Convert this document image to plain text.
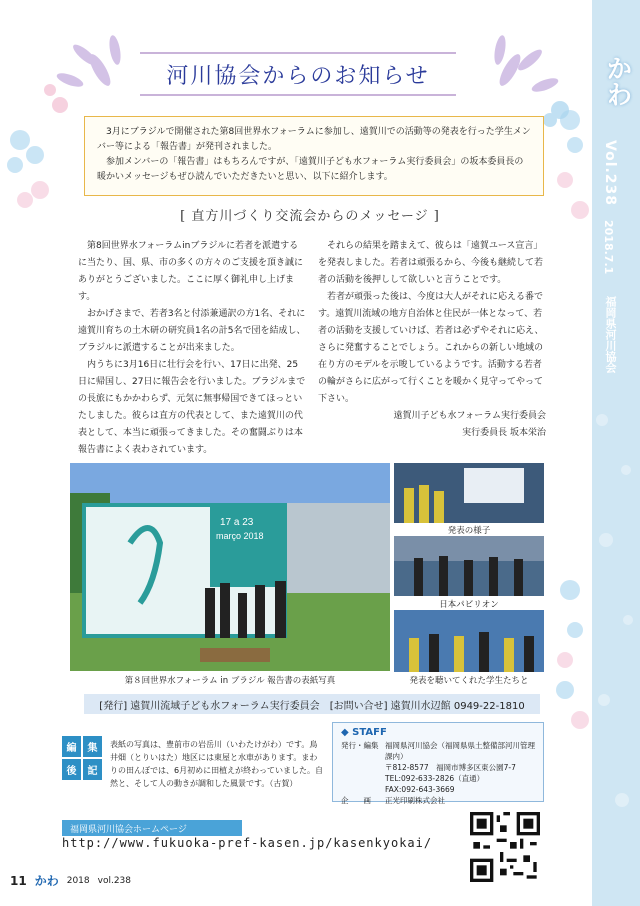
河川協会からのお知らせ

3月にブラジルで開催された第8回世界水フォーラムに参加し、遠賀川での活動等の発表を行った学生メンバー等による「報告書」が発刊されました。

参加メンバーの「報告書」はもちろんですが、「遠賀川子ども水フォーラム実行委員会」の坂本委員長の暖かいメッセージもぜひ読んでいただきたいと思い、以下に紹介します。

[ 直方川づくり交流会からのメッセージ ]

第8回世界水フォーラムinブラジルに若者を派遣するに当たり、国、県、市の多くの方々のご支援を頂き誠にありがとうございました。ここに厚く御礼申し上げます。

おかげさまで、若者3名と付添兼通訳の方1名、それに遠賀川育ちの土木研の研究員1名の計5名で団を結成し、ブラジルに派遣することが出来ました。

内うちに3月16日に壮行会を行い、17日に出発、25日に帰国し、27日に報告会を行いました。ブラジルまでの長旅にもかかわらず、元気に無事帰国できてほっといたしました。彼らは直方の代表として、また遠賀川の代表として、本当に頑張ってきました。その奮闘ぶりは本報告書によく表わされています。

それらの結果を踏まえて、彼らは「遠賀ユース宣言」を発表しました。若者は頑張るから、今後も継続して若者の活動を後押しして欲しいと言うことです。

若者が頑張った後は、今度は大人がそれに応える番です。遠賀川流域の地方自治体と住民が一体となって、若者の活動を支援していけば、若者は必ずやそれに応え、さらに発奮することでしょう。これからの新しい地域の在り方のモデルを示唆しているようです。活動する若者の輪がさらに広がって行くことを暖かく見守ってやって下さい。

遠賀川子ども水フォーラム実行委員会

実行委員長 坂本栄治

17 a 23
março 2018
第８回世界水フォーラム in ブラジル 報告書の表紙写真
発表の様子
日本パビリオン
発表を聴いてくれた学生たちと
[発行] 遠賀川流域子ども水フォーラム実行委員会 [お問い合せ] 遠賀川水辺館 0949-22-1810
編	集
後	記
表紙の写真は、豊前市の岩岳川（いわたけがわ）です。鳥井畑（とりいはた）地区には東屋と水車があります。まわりの田んぼでは、6月初めに田植えが終わっていました。自然と、そして人の動きが調和した風景です。（古賀）
◆ STAFF
発行・編集 福岡県河川協会（福岡県県土整備部河川管理課内）
〒812-8577　福岡市博多区東公園7-7
TEL:092-633-2826（直通）
FAX:092-643-3669
企　　画	正光印刷株式会社
福岡県河川協会ホームページ
http://www.fukuoka-pref-kasen.jp/kasenkyokai/
11 かわ 2018 vol.238
かわ
Vol.238
2018.7.1
福岡県河川協会
